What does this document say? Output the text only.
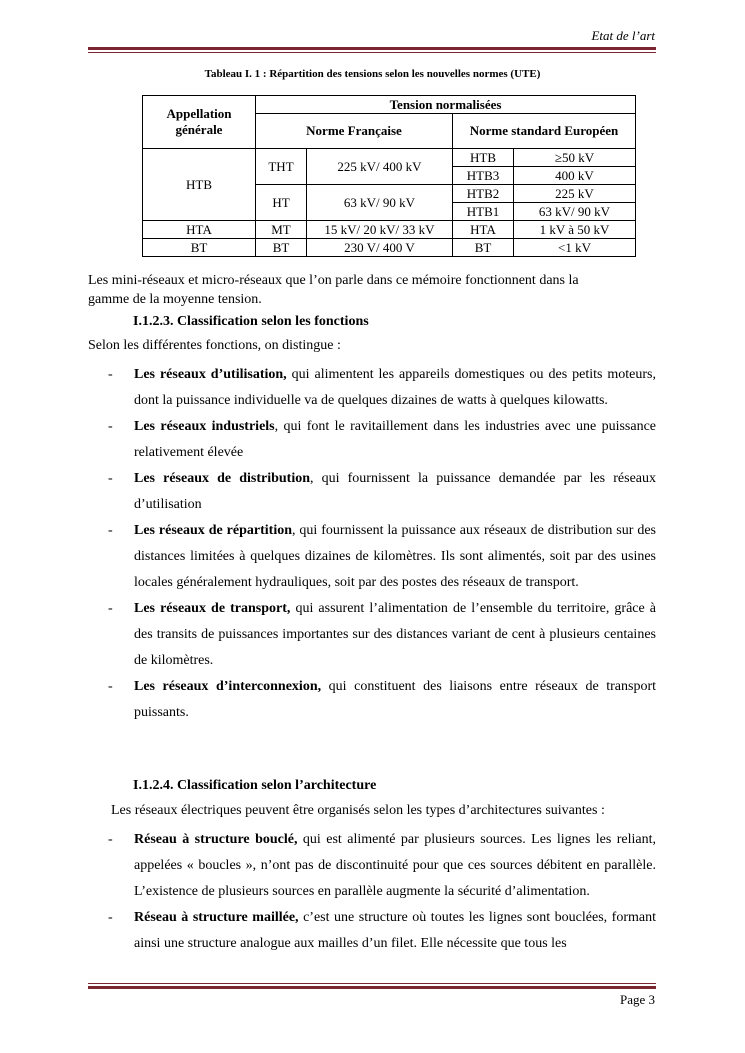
Etat de l’art
Tableau I. 1 : Répartition des tensions selon les nouvelles normes (UTE)
Appellation générale	Tension normalisées			
	Norme Française		Norme standard Européen	
HTB	THT	225 kV/ 400 kV	HTB	≥50 kV
			HTB3	400 kV
	HT	63 kV/ 90 kV	HTB2	225 kV
			HTB1	63 kV/ 90 kV
HTA	MT	15 kV/ 20 kV/ 33 kV	HTA	1 kV à 50 kV
BT	BT	230 V/ 400 V	BT	<1 kV
Les mini-réseaux et micro-réseaux que l’on parle dans ce mémoire fonctionnent dans la
gamme de la moyenne tension.
I.1.2.3. Classification selon les fonctions
Selon les différentes fonctions, on distingue :
-	Les réseaux d’utilisation, qui alimentent les appareils domestiques ou des petits moteurs, dont la puissance individuelle va de quelques dizaines de watts à quelques kilowatts.
-	Les réseaux industriels, qui font le ravitaillement dans les industries avec une puissance relativement élevée
-	Les réseaux de distribution, qui fournissent la puissance demandée par les réseaux d’utilisation
-	Les réseaux de répartition, qui fournissent la puissance aux réseaux de distribution sur des distances limitées à quelques dizaines de kilomètres. Ils sont alimentés, soit par des usines locales généralement hydrauliques, soit par des postes des réseaux de transport.
-	Les réseaux de transport, qui assurent l’alimentation de l’ensemble du territoire, grâce à des transits de puissances importantes sur des distances variant de cent à plusieurs centaines de kilomètres.
-	Les réseaux d’interconnexion, qui constituent des liaisons entre réseaux de transport puissants.
I.1.2.4. Classification selon l’architecture
Les réseaux électriques peuvent être organisés selon les types d’architectures suivantes :
-	Réseau à structure bouclé, qui est alimenté par plusieurs sources. Les lignes les reliant, appelées « boucles », n’ont pas de discontinuité pour que ces sources débitent en parallèle. L’existence de plusieurs sources en parallèle augmente la sécurité d’alimentation.
-	Réseau à structure maillée, c’est une structure où toutes les lignes sont bouclées, formant ainsi une structure analogue aux mailles d’un filet. Elle nécessite que tous les
Page 3
